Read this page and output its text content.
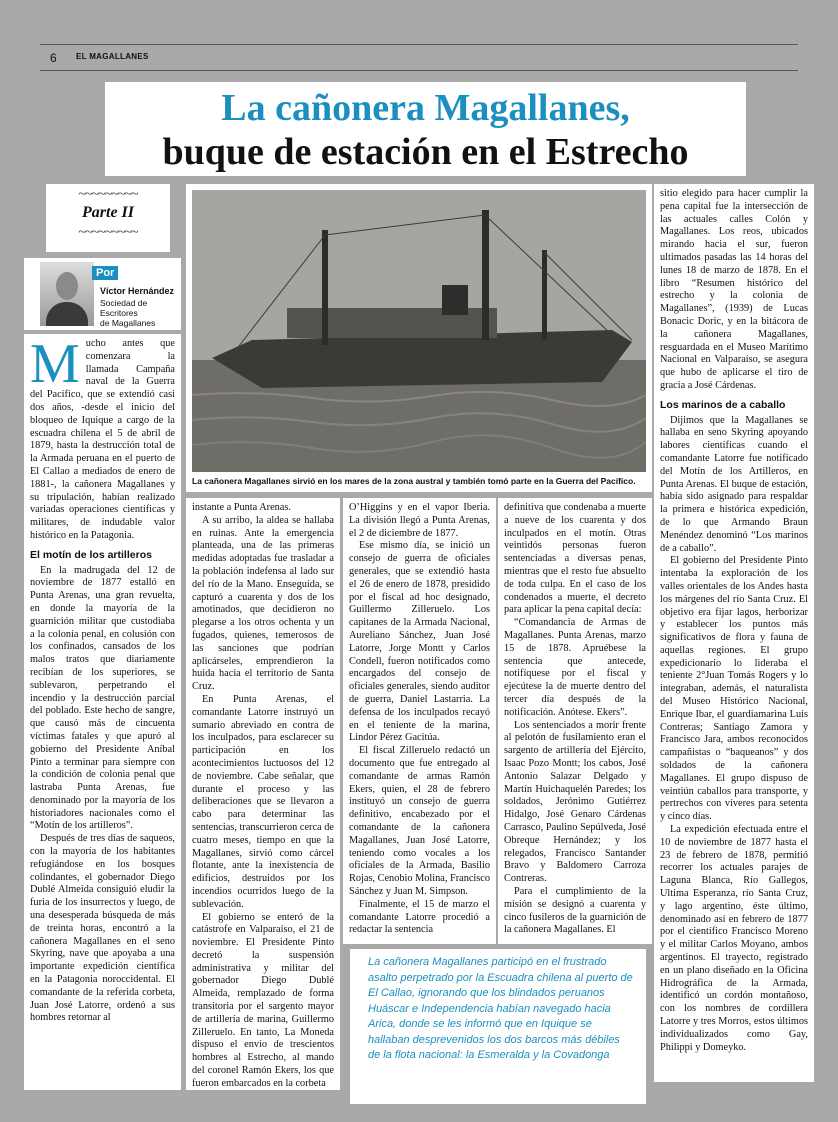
6 EL MAGALLANES
La cañonera Magallanes,
buque de estación en el Estrecho
~~~~~~~~~
Parte II
~~~~~~~~~
Por
Víctor Hernández
Sociedad de
Escritores
de Magallanes

Mucho antes que comenzara la llamada Campaña naval de la Guerra del Pacífico, que se extendió casi dos años, -desde el inicio del bloqueo de Iquique a cargo de la escuadra chilena el 5 de abril de 1879, hasta la destrucción total de la Armada peruana en el puerto de El Callao a mediados de enero de 1881-, la cañonera Magallanes y su tripulación, habían realizado variadas operaciones científicas y militares, de indudable valor histórico en la Patagonia.

El motín de los artilleros

En la madrugada del 12 de noviembre de 1877 estalló en Punta Arenas, una gran revuelta, en donde la mayoría de la guarnición militar que custodiaba a la colonia penal, en colusión con los confinados, cansados de los malos tratos que diariamente recibían de los superiores, se sublevaron, perpetrando el incendio y la destrucción parcial del poblado. Este hecho de sangre, que causó más de cincuenta víctimas fatales y que apuró al gobierno del Presidente Aníbal Pinto a terminar para siempre con la condición de colonia penal que lastraba Punta Arenas, fue denominado por la mayoría de los historiadores nacionales como el “Motín de los artilleros”.

Después de tres días de saqueos, con la mayoría de los habitantes refugiándose en los bosques colindantes, el gobernador Diego Dublé Almeida consiguió eludir la furia de los insurrectos y luego, de una desesperada búsqueda de más de treinta horas, encontró a la cañonera Magallanes en el seno Skyring, nave que apoyaba a una importante expedición científica en la Patagonia noroccidental. El comandante de la referida corbeta, Juan José Latorre, ordenó a sus hombres retornar al

La cañonera Magallanes sirvió en los mares de la zona austral y también tomó parte en la Guerra del Pacífico.

instante a Punta Arenas.

A su arribo, la aldea se hallaba en ruinas. Ante la emergencia planteada, una de las primeras medidas adoptadas fue trasladar a la población indefensa al lado sur del río de la Mano. Enseguida, se capturó a cuarenta y dos de los amotinados, que decidieron no plegarse a los otros ochenta y un fugados, quienes, temerosos de las sanciones que podrían aplicárseles, emprendieron la huida hacia el territorio de Santa Cruz.

En Punta Arenas, el comandante Latorre instruyó un sumario abreviado en contra de los inculpados, para esclarecer su participación en los acontecimientos luctuosos del 12 de noviembre. Cabe señalar, que durante el proceso y las deliberaciones que se llevaron a cabo para determinar las sentencias, transcurrieron cerca de cuatro meses, tiempo en que la Magallanes, sirvió como cárcel flotante, ante la inexistencia de edificios, destruidos por los incendios ocurridos luego de la sublevación.

El gobierno se enteró de la catástrofe en Valparaíso, el 21 de noviembre. El Presidente Pinto decretó la suspensión administrativa y militar del gobernador Diego Dublé Almeida, remplazado de forma transitoria por el sargento mayor de artillería de marina, Guillermo Zilleruelo. En tanto, La Moneda dispuso el envío de trescientos hombres al Estrecho, al mando del coronel Ramón Ekers, los que fueron embarcados en la corbeta

O’Higgins y en el vapor Iberia. La división llegó a Punta Arenas, el 2 de diciembre de 1877.

Ese mismo día, se inició un consejo de guerra de oficiales generales, que se extendió hasta el 26 de enero de 1878, presidido por el fiscal ad hoc designado, Guillermo Zilleruelo. Los capitanes de la Armada Nacional, Aureliano Sánchez, Juan José Latorre, Jorge Montt y Carlos Condell, fueron notificados como encargados del consejo de oficiales generales, siendo auditor de guerra, Daniel Lastarria. La defensa de los inculpados recayó en el teniente de la marina, Lindor Pérez Gacitúa.

El fiscal Zilleruelo redactó un documento que fue entregado al comandante de armas Ramón Ekers, quien, el 28 de febrero instituyó un consejo de guerra definitivo, encabezado por el comandante de la cañonera Magallanes, Juan José Latorre, teniendo como vocales a los oficiales de la Armada, Basilio Rojas, Cenobio Molina, Francisco Sánchez y Juan M. Simpson.

Finalmente, el 15 de marzo el comandante Latorre procedió a redactar la sentencia

definitiva que condenaba a muerte a nueve de los cuarenta y dos inculpados en el motín. Otras veintidós personas fueron sentenciadas a diversas penas, mientras que el resto fue absuelto de toda culpa. En el caso de los condenados a muerte, el decreto para aplicar la pena capital decía:

“Comandancia de Armas de Magallanes. Punta Arenas, marzo 15 de 1878. Apruébese la sentencia que antecede, notifíquese por el fiscal y ejecútese la de muerte dentro del tercer día después de la notificación. Anótese. Ekers”.

Los sentenciados a morir frente al pelotón de fusilamiento eran el sargento de artillería del Ejército, Isaac Pozo Montt; los cabos, José Antonio Salazar Delgado y Martín Huichaquelén Paredes; los soldados, Jerónimo Gutiérrez Hidalgo, José Genaro Cárdenas Carrasco, Paulino Sepúlveda, José Obreque Hernández; y los relegados, Francisco Santander Bravo y Baldomero Carroza Contreras.

Para el cumplimiento de la misión se designó a cuarenta y cinco fusileros de la guarnición de la cañonera Magallanes. El

La cañonera Magallanes participó en el frustrado asalto perpetrado por la Escuadra chilena al puerto de El Callao, ignorando que los blindados peruanos Huáscar e Independencia habían navegado hacia Arica, donde se les informó que en Iquique se hallaban desprevenidos los dos barcos más débiles de la flota nacional: la Esmeralda y la Covadonga

sitio elegido para hacer cumplir la pena capital fue la intersección de las actuales calles Colón y Magallanes. Los reos, ubicados mirando hacia el sur, fueron ultimados pasadas las 14 horas del lunes 18 de marzo de 1878. En el libro “Resumen histórico del estrecho y la colonia de Magallanes”, (1939) de Lucas Bonacic Doric, y en la bitácora de la cañonera Magallanes, resguardada en el Museo Marítimo Nacional en Valparaíso, se asegura que hubo de aplicarse el tiro de gracia a José Cárdenas.

Los marinos de a caballo

Dijimos que la Magallanes se hallaba en seno Skyring apoyando labores científicas cuando el comandante Latorre fue notificado del Motín de los Artilleros, en Punta Arenas. El buque de estación, había sido asignado para respaldar la primera e histórica expedición, de lo que Armando Braun Menéndez denominó “Los marinos de a caballo”.

El gobierno del Presidente Pinto intentaba la exploración de los valles orientales de los Andes hasta los márgenes del río Santa Cruz. El objetivo era fijar lagos, herborizar y establecer los puntos más significativos de flora y fauna de aquellas regiones. El grupo expedicionario lo lideraba el teniente 2°Juan Tomás Rogers y lo integraban, además, el naturalista del Museo Histórico Nacional, Enrique Ibar, el guardiamarina Luis Contreras; Santiago Zamora y Francisco Jara, ambos reconocidos campañistas o “baqueanos” y dos soldados de la cañonera Magallanes. El grupo dispuso de veintiún caballos para transporte, y pertrechos con víveres para setenta y cinco días.

La expedición efectuada entre el 10 de noviembre de 1877 hasta el 23 de febrero de 1878, permitió recorrer los actuales parajes de Laguna Blanca, Río Gallegos, Ultima Esperanza, río Santa Cruz, y lago argentino, éste último, denominado así en febrero de 1877 por el científico Francisco Moreno y el militar Carlos Moyano, ambos argentinos. El trayecto, registrado en un plano diseñado en la Oficina Hidrográfica de la Armada, identificó un cordón montañoso, con los nombres de cordillera Latorre y tres Morros, estos últimos individualizados como Gay, Philippi y Domeyko.
